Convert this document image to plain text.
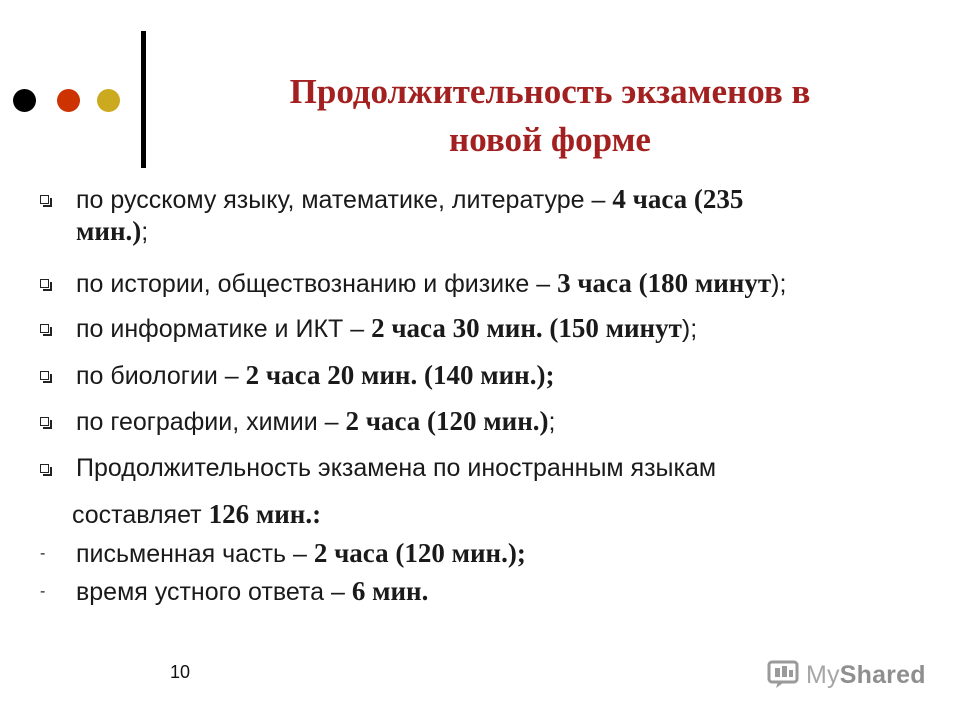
Продолжительность экзаменов в
новой форме
по русскому языку, математике, литературе – 4 часа (235
мин.);
по истории, обществознанию и физике – 3 часа (180 минут);
по информатике и ИКТ – 2 часа 30 мин. (150 минут);
по биологии – 2 часа 20 мин. (140 мин.);
по географии, химии – 2 часа (120 мин.);
Продолжительность экзамена по иностранным языкам
составляет 126 мин.:
- письменная часть – 2 часа (120 мин.);
- время устного ответа – 6 мин.
10	MyShared
